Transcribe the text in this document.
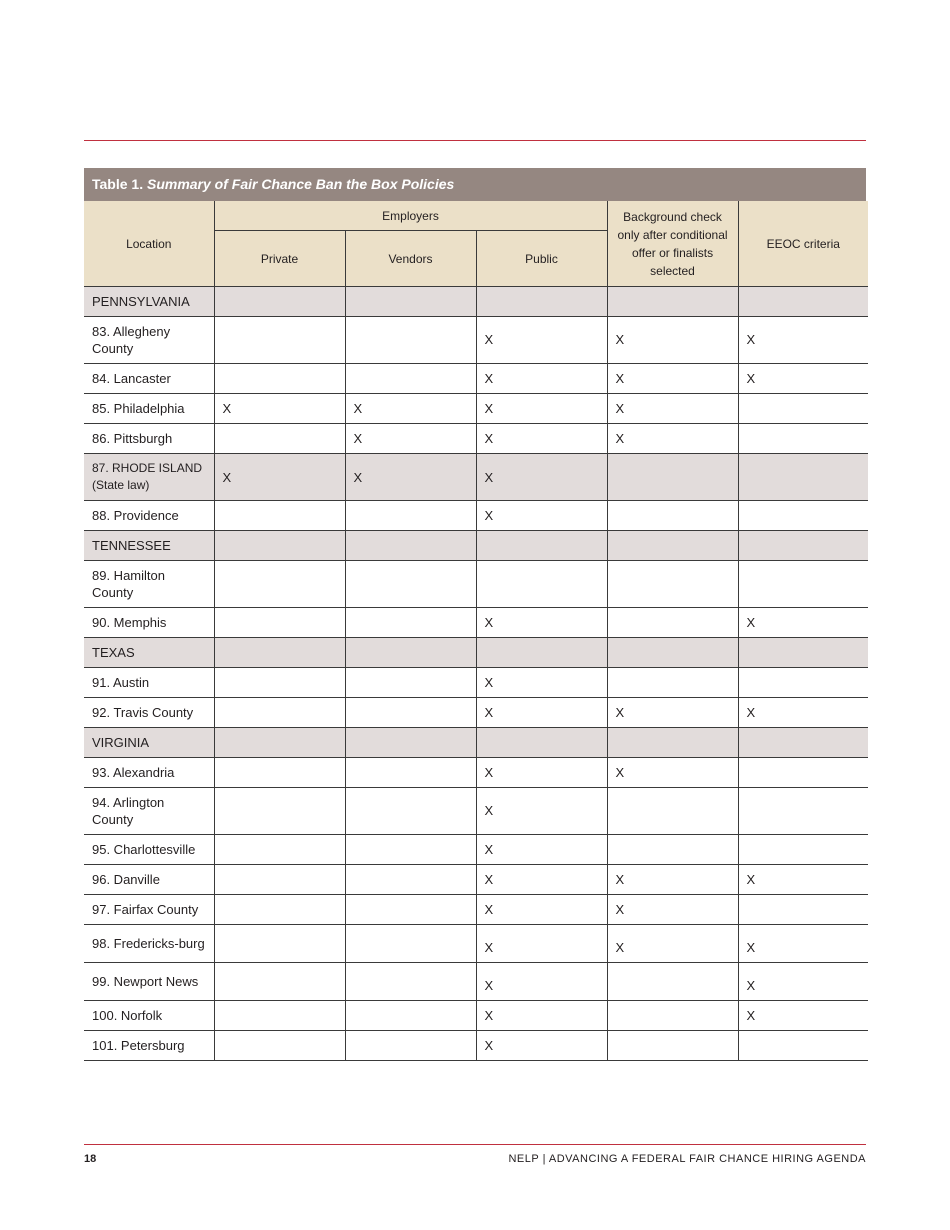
Table 1. Summary of Fair Chance Ban the Box Policies
Location	Employers			Background check only after conditional offer or finalists selected	EEOC criteria
	Private	Vendors	Public		
PENNSYLVANIA					
83. Allegheny County			X	X	X
84. Lancaster			X	X	X
85. Philadelphia	X	X	X	X	
86. Pittsburgh		X	X	X	
87. RHODE ISLAND (State law)	X	X	X		
88. Providence			X		
TENNESSEE					
89. Hamilton County					
90. Memphis			X		X
TEXAS					
91. Austin			X		
92. Travis County			X	X	X
VIRGINIA					
93. Alexandria			X	X	
94. Arlington County			X		
95. Charlottesville			X		
96. Danville			X	X	X
97. Fairfax County			X	X	
98. Fredericks-burg			X	X	X
99. Newport News			X		X
100. Norfolk			X		X
101. Petersburg			X		
18	NELP | ADVANCING A FEDERAL FAIR CHANCE HIRING AGENDA
